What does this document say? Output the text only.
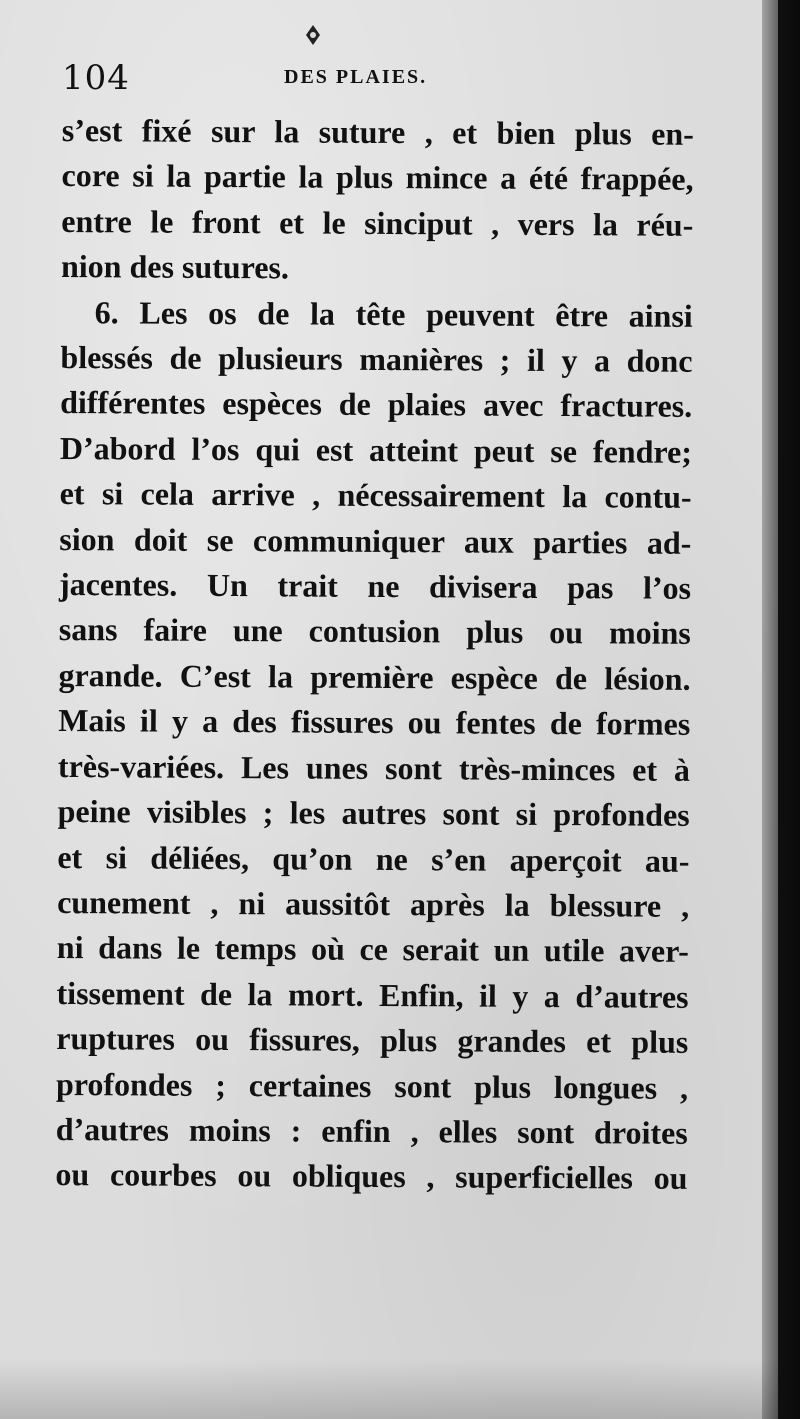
104	DES PLAIES.
s’est fixé sur la suture , et bien plus en-
core si la partie la plus mince a été frappée,
entre le front et le sinciput , vers la réu-
nion des sutures.
6. Les os de la tête peuvent être ainsi
blessés de plusieurs manières ; il y a donc
différentes espèces de plaies avec fractures.
D’abord l’os qui est atteint peut se fendre;
et si cela arrive , nécessairement la contu-
sion doit se communiquer aux parties ad-
jacentes. Un trait ne divisera pas l’os
sans faire une contusion plus ou moins
grande. C’est la première espèce de lésion.
Mais il y a des fissures ou fentes de formes
très-variées. Les unes sont très-minces et à
peine visibles ; les autres sont si profondes
et si déliées, qu’on ne s’en aperçoit au-
cunement , ni aussitôt après la blessure ,
ni dans le temps où ce serait un utile aver-
tissement de la mort. Enfin, il y a d’autres
ruptures ou fissures, plus grandes et plus
profondes ; certaines sont plus longues ,
d’autres moins : enfin , elles sont droites
ou courbes ou obliques , superficielles ou
